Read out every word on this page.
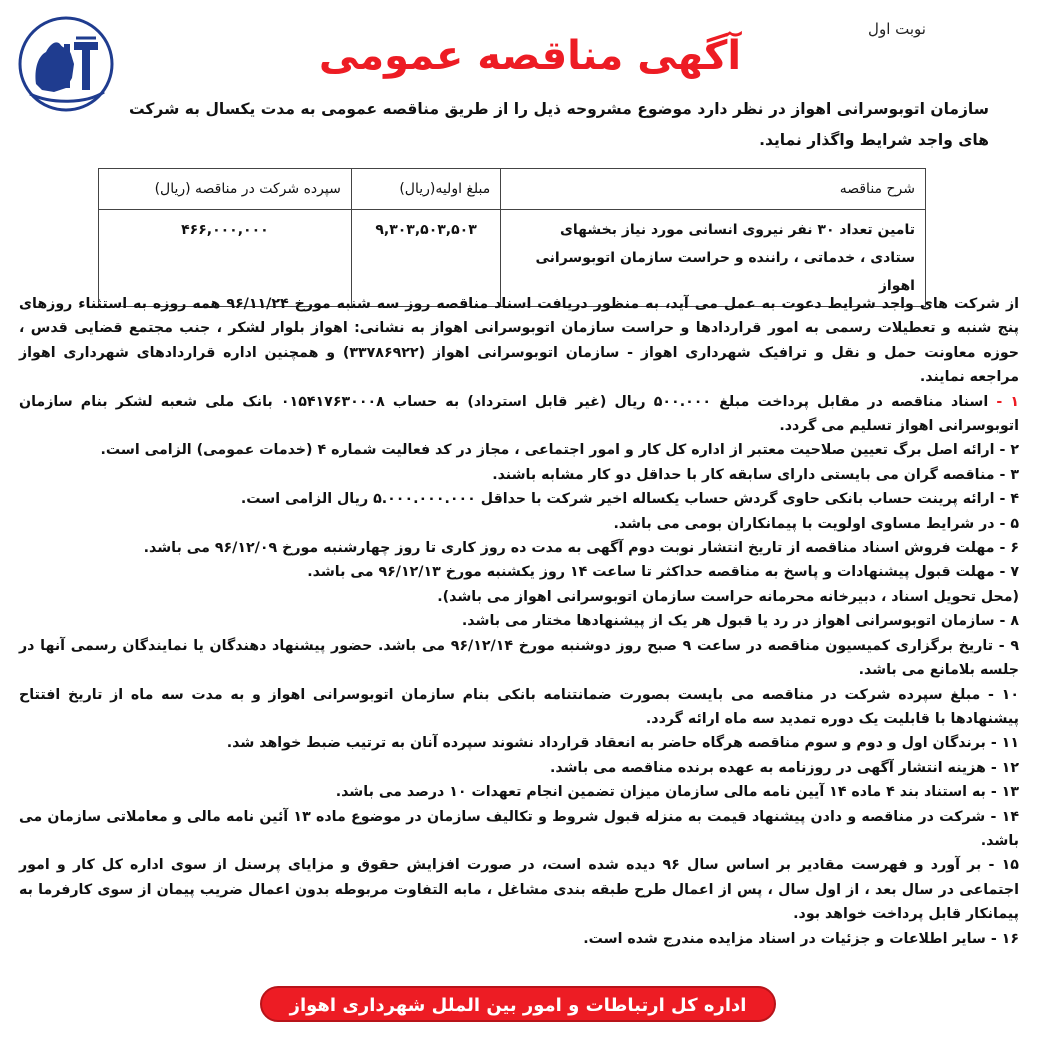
نوبت اول
آگهی مناقصه عمومی
سازمان اتوبوسرانی اهواز در نظر دارد موضوع مشروحه ذیل را از طریق مناقصه عمومی به مدت یکسال به شرکت های واجد شرایط واگذار نماید.
شرح مناقصه	مبلغ اولیه(ریال)	سپرده شرکت در مناقصه (ریال)
تامین تعداد ۳۰ نفر نیروی انسانی مورد نیاز بخشهای ستادی ، خدماتی ، راننده و حراست سازمان اتوبوسرانی اهواز	۹,۳۰۳,۵۰۳,۵۰۳	۴۶۶,۰۰۰,۰۰۰

از شرکت های واجد شرایط دعوت به عمل می آید، به منظور دریافت اسناد مناقصه روز سه شنبه مورخ ۹۶/۱۱/۲۴ همه روزه به استثناء روزهای پنج شنبه و تعطیلات رسمی به امور قراردادها و حراست سازمان اتوبوسرانی اهواز به نشانی: اهواز بلوار لشکر ، جنب مجتمع قضایی قدس ، حوزه معاونت حمل و نقل و ترافیک شهرداری اهواز - سازمان اتوبوسرانی اهواز (۳۳۷۸۶۹۲۲) و همچنین اداره قراردادهای شهرداری اهواز مراجعه نمایند.

۱ - اسناد مناقصه در مقابل پرداخت مبلغ ۵۰۰.۰۰۰ ریال (غیر قابل استرداد) به حساب ۰۱۵۴۱۷۶۳۰۰۰۸ بانک ملی شعبه لشکر بنام سازمان اتوبوسرانی اهواز تسلیم می گردد.

۲ - ارائه اصل برگ تعیین صلاحیت معتبر از اداره کل کار و امور اجتماعی ، مجاز در کد فعالیت شماره ۴ (خدمات عمومی) الزامی است.

۳ - مناقصه گران می بایستی دارای سابقه کار با حداقل دو کار مشابه باشند.

۴ - ارائه پرینت حساب بانکی حاوی گردش حساب یکساله اخیر شرکت با حداقل ۵.۰۰۰.۰۰۰.۰۰۰ ریال الزامی است.

۵ - در شرایط مساوی اولویت با پیمانکاران بومی می باشد.

۶ - مهلت فروش اسناد مناقصه از تاریخ انتشار نوبت دوم آگهی به مدت ده روز کاری تا روز چهارشنبه مورخ ۹۶/۱۲/۰۹ می باشد.

۷ - مهلت قبول پیشنهادات و پاسخ به مناقصه حداکثر تا ساعت ۱۴ روز یکشنبه مورخ ۹۶/۱۲/۱۳ می باشد.

(محل تحویل اسناد ، دبیرخانه محرمانه حراست سازمان اتوبوسرانی اهواز می باشد).

۸ - سازمان اتوبوسرانی اهواز در رد یا قبول هر یک از پیشنهادها مختار می باشد.

۹ - تاریخ برگزاری کمیسیون مناقصه در ساعت ۹ صبح روز دوشنبه مورخ ۹۶/۱۲/۱۴ می باشد. حضور پیشنهاد دهندگان یا نمایندگان رسمی آنها در جلسه بلامانع می باشد.

۱۰ - مبلغ سپرده شرکت در مناقصه می بایست بصورت ضمانتنامه بانکی بنام سازمان اتوبوسرانی اهواز و به مدت سه ماه از تاریخ افتتاح پیشنهادها با قابلیت یک دوره تمدید سه ماه ارائه گردد.

۱۱ - برندگان اول و دوم و سوم مناقصه هرگاه حاضر به انعقاد قرارداد نشوند سپرده آنان به ترتیب ضبط خواهد شد.

۱۲ - هزینه انتشار آگهی در روزنامه به عهده برنده مناقصه می باشد.

۱۳ - به استناد بند ۴ ماده ۱۴ آیین نامه مالی سازمان میزان تضمین انجام تعهدات ۱۰ درصد می باشد.

۱۴ - شرکت در مناقصه و دادن پیشنهاد قیمت به منزله قبول شروط و تکالیف سازمان در موضوع ماده ۱۳ آئین نامه مالی و معاملاتی سازمان می باشد.

۱۵ - بر آورد و فهرست مقادیر بر اساس سال ۹۶ دیده شده است، در صورت افزایش حقوق و مزایای پرسنل از سوی اداره کل کار و امور اجتماعی در سال بعد ، از اول سال ، پس از اعمال طرح طبقه بندی مشاغل ، مابه التفاوت مربوطه بدون اعمال ضریب پیمان از سوی کارفرما به پیمانکار قابل پرداخت خواهد بود.

۱۶ - سایر اطلاعات و جزئیات در اسناد مزایده مندرج شده است.

اداره کل ارتباطات و امور بین الملل شهرداری اهواز
